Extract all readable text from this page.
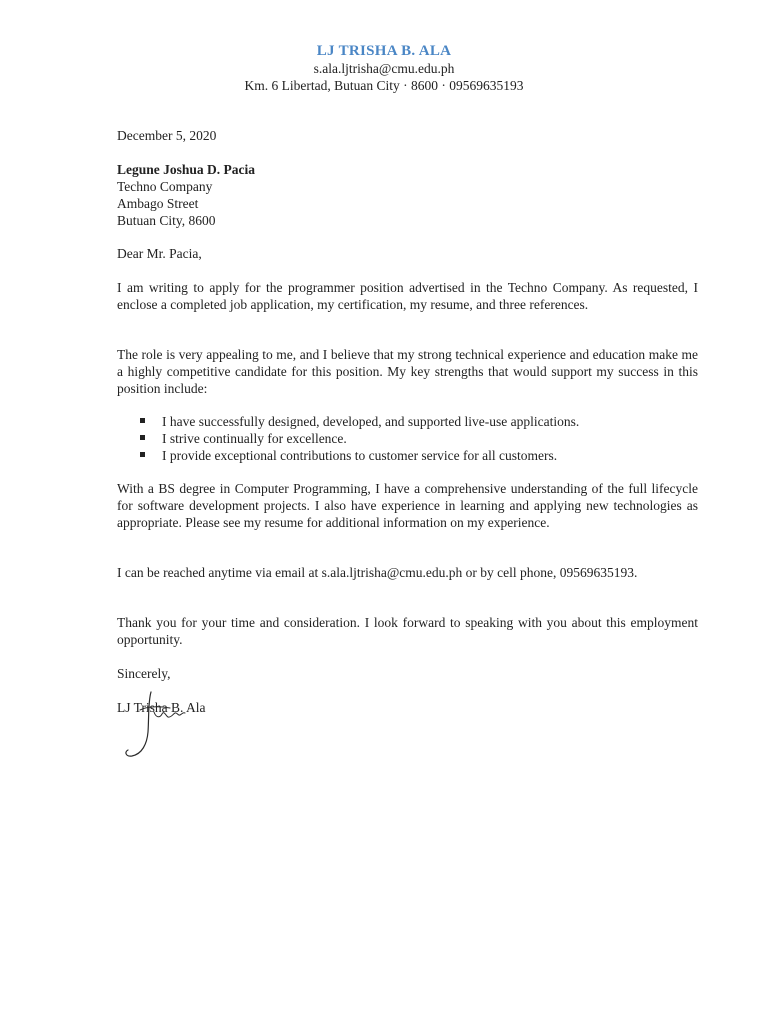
LJ TRISHA B. ALA
s.ala.ljtrisha@cmu.edu.ph
Km. 6 Libertad, Butuan City · 8600 · 09569635193
December 5, 2020
Legune Joshua D. Pacia
Techno Company
Ambago Street
Butuan City, 8600
Dear Mr. Pacia,
I am writing to apply for the programmer position advertised in the Techno Company. As requested, I enclose a completed job application, my certification, my resume, and three references.
The role is very appealing to me, and I believe that my strong technical experience and education make me a highly competitive candidate for this position. My key strengths that would support my success in this position include:
I have successfully designed, developed, and supported live-use applications.
I strive continually for excellence.
I provide exceptional contributions to customer service for all customers.
With a BS degree in Computer Programming, I have a comprehensive understanding of the full lifecycle for software development projects. I also have experience in learning and applying new technologies as appropriate. Please see my resume for additional information on my experience.
I can be reached anytime via email at s.ala.ljtrisha@cmu.edu.ph or by cell phone, 09569635193.
Thank you for your time and consideration. I look forward to speaking with you about this employment opportunity.
Sincerely,
LJ Trisha B. Ala
